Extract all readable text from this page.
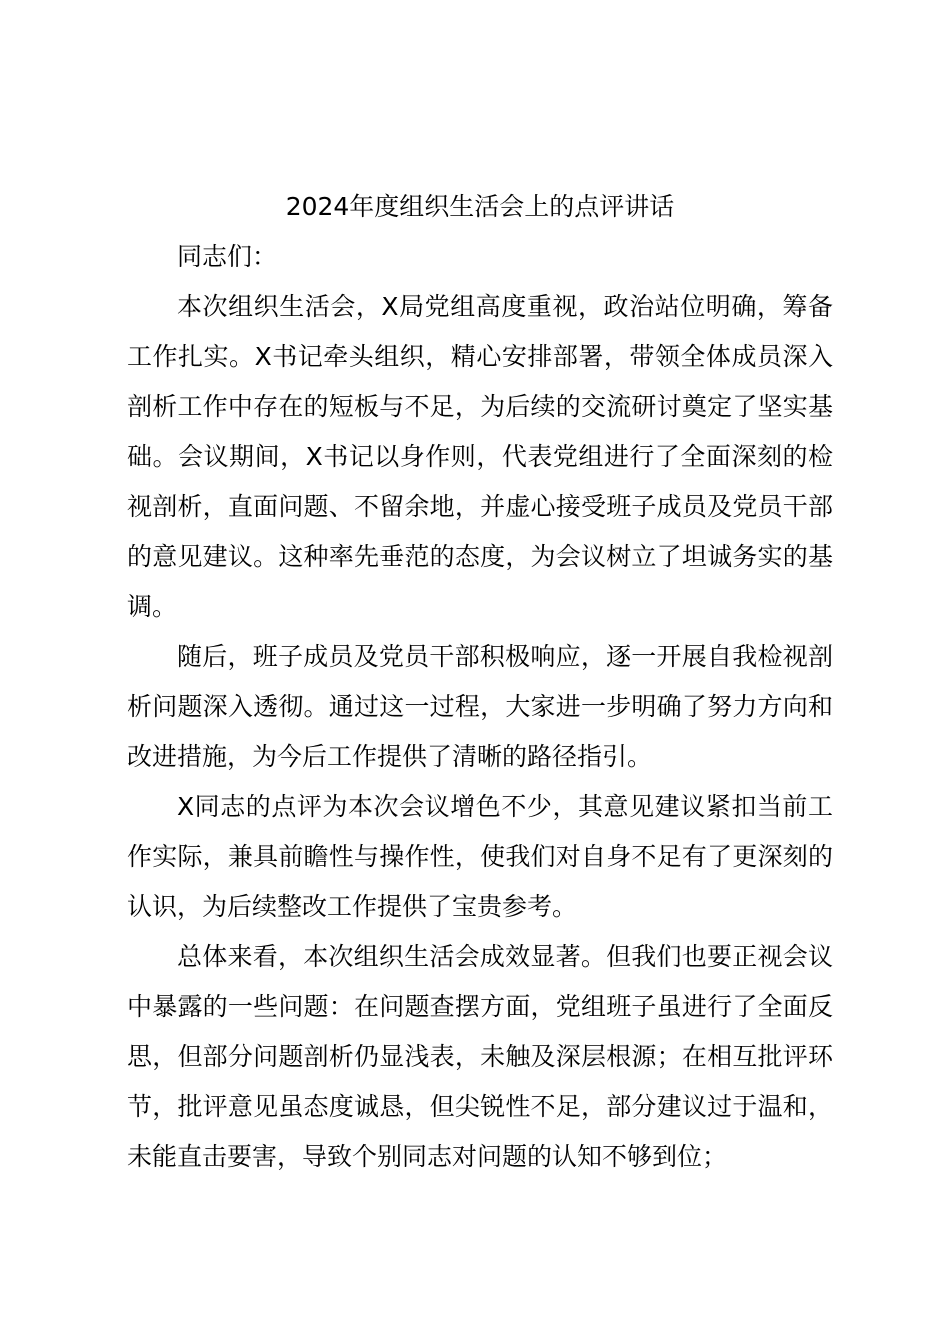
2024年度组织生活会上的点评讲话

同志们：

本次组织生活会，X局党组高度重视，政治站位明确，筹备工作扎实。X书记牵头组织，精心安排部署，带领全体成员深入剖析工作中存在的短板与不足，为后续的交流研讨奠定了坚实基础。会议期间，X书记以身作则，代表党组进行了全面深刻的检视剖析，直面问题、不留余地，并虚心接受班子成员及党员干部的意见建议。这种率先垂范的态度，为会议树立了坦诚务实的基调。

随后，班子成员及党员干部积极响应，逐一开展自我检视剖析问题深入透彻。通过这一过程，大家进一步明确了努力方向和改进措施，为今后工作提供了清晰的路径指引。

X同志的点评为本次会议增色不少，其意见建议紧扣当前工作实际，兼具前瞻性与操作性，使我们对自身不足有了更深刻的认识，为后续整改工作提供了宝贵参考。

总体来看，本次组织生活会成效显著。但我们也要正视会议中暴露的一些问题：在问题查摆方面，党组班子虽进行了全面反思，但部分问题剖析仍显浅表，未触及深层根源；在相互批评环节，批评意见虽态度诚恳，但尖锐性不足，部分建议过于温和，未能直击要害，导致个别同志对问题的认知不够到位；
